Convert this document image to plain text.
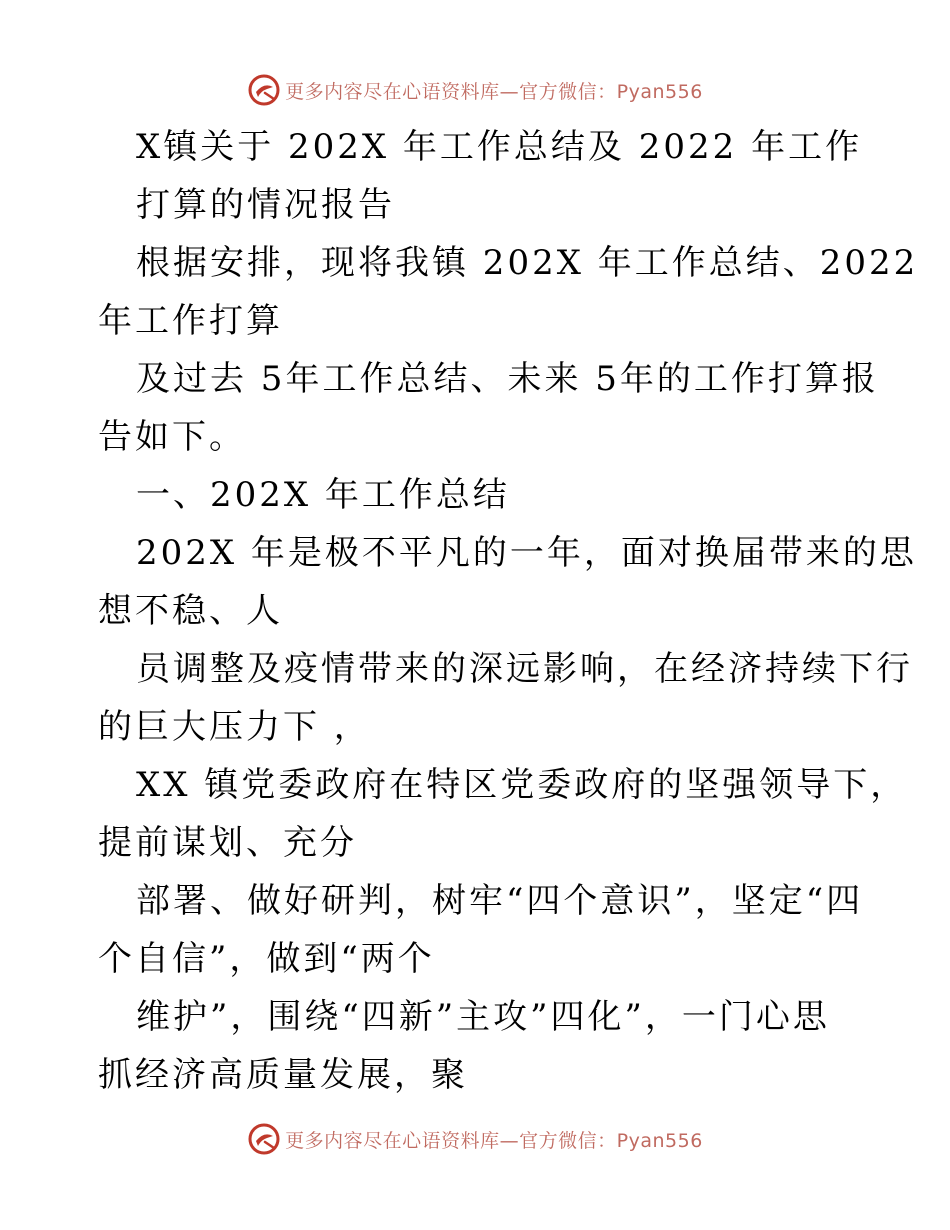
更多内容尽在心语资料库—官方微信：Pyan556
X镇关于 202X 年工作总结及 2022 年工作
打算的情况报告
根据安排，现将我镇 202X 年工作总结、2022
年工作打算
及过去 5年工作总结、未来 5年的工作打算报
告如下。
一、202X 年工作总结
202X 年是极不平凡的一年，面对换届带来的思
想不稳、人
员调整及疫情带来的深远影响，在经济持续下行
的巨大压力下 ，
XX 镇党委政府在特区党委政府的坚强领导下，
提前谋划、充分
部署、做好研判，树牢“四个意识”，坚定“四
个自信”，做到“两个
维护”，围绕“四新”主攻”四化”，一门心思
抓经济高质量发展，聚
更多内容尽在心语资料库—官方微信：Pyan556
